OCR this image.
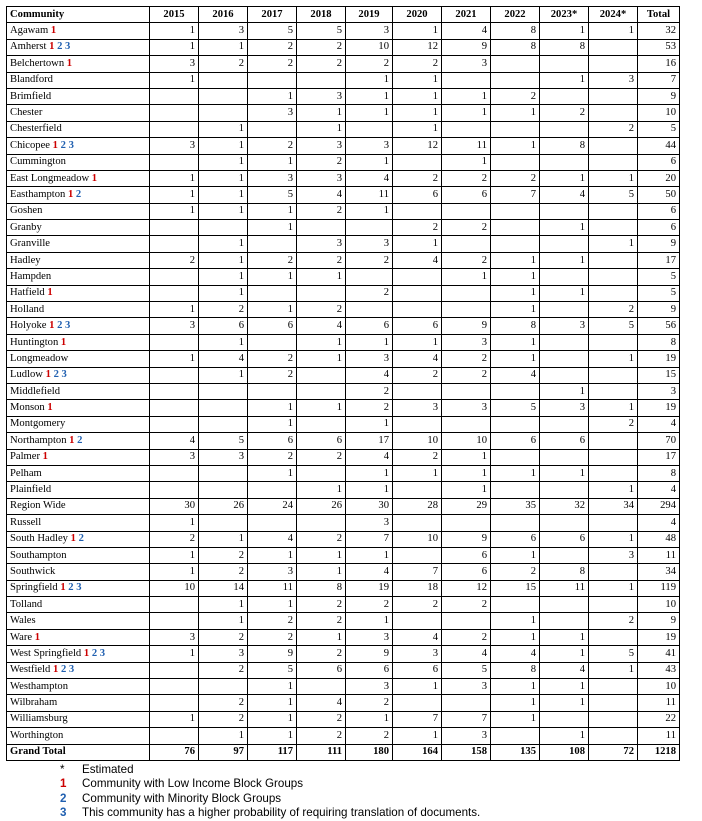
Community	2015	2016	2017	2018	2019	2020	2021	2022	2023*	2024*	Total
Agawam 1	1	3	5	5	3	1	4	8	1	1	32
Amherst 1 2 3	1	1	2	2	10	12	9	8	8		53
Belchertown 1	3	2	2	2	2	2	3				16
Blandford	1				1	1			1	3	7
Brimfield			1	3	1	1	1	2			9
Chester			3	1	1	1	1	1	2		10
Chesterfield		1		1		1				2	5
Chicopee 1 2 3	3	1	2	3	3	12	11	1	8		44
Cummington		1	1	2	1		1				6
East Longmeadow 1	1	1	3	3	4	2	2	2	1	1	20
Easthampton 1 2	1	1	5	4	11	6	6	7	4	5	50
Goshen	1	1	1	2	1						6
Granby			1			2	2		1		6
Granville		1		3	3	1				1	9
Hadley	2	1	2	2	2	4	2	1	1		17
Hampden		1	1	1			1	1			5
Hatfield 1		1			2			1	1		5
Holland	1	2	1	2				1		2	9
Holyoke 1 2 3	3	6	6	4	6	6	9	8	3	5	56
Huntington 1		1		1	1	1	3	1			8
Longmeadow	1	4	2	1	3	4	2	1		1	19
Ludlow 1 2 3		1	2		4	2	2	4			15
Middlefield					2				1		3
Monson 1			1	1	2	3	3	5	3	1	19
Montgomery			1		1					2	4
Northampton 1 2	4	5	6	6	17	10	10	6	6		70
Palmer 1	3	3	2	2	4	2	1				17
Pelham			1		1	1	1	1	1		8
Plainfield				1	1		1			1	4
Region Wide	30	26	24	26	30	28	29	35	32	34	294
Russell	1				3						4
South Hadley 1 2	2	1	4	2	7	10	9	6	6	1	48
Southampton	1	2	1	1	1		6	1		3	11
Southwick	1	2	3	1	4	7	6	2	8		34
Springfield 1 2 3	10	14	11	8	19	18	12	15	11	1	119
Tolland		1	1	2	2	2	2				10
Wales		1	2	2	1			1		2	9
Ware 1	3	2	2	1	3	4	2	1	1		19
West Springfield 1 2 3	1	3	9	2	9	3	4	4	1	5	41
Westfield 1 2 3		2	5	6	6	6	5	8	4	1	43
Westhampton			1		3	1	3	1	1		10
Wilbraham		2	1	4	2			1	1		11
Williamsburg	1	2	1	2	1	7	7	1			22
Worthington		1	1	2	2	1	3		1		11
Grand Total	76	97	117	111	180	164	158	135	108	72	1218
* Estimated
1 Community with Low Income Block Groups
2 Community with Minority Block Groups
3 This community has a higher probability of requiring translation of documents.
